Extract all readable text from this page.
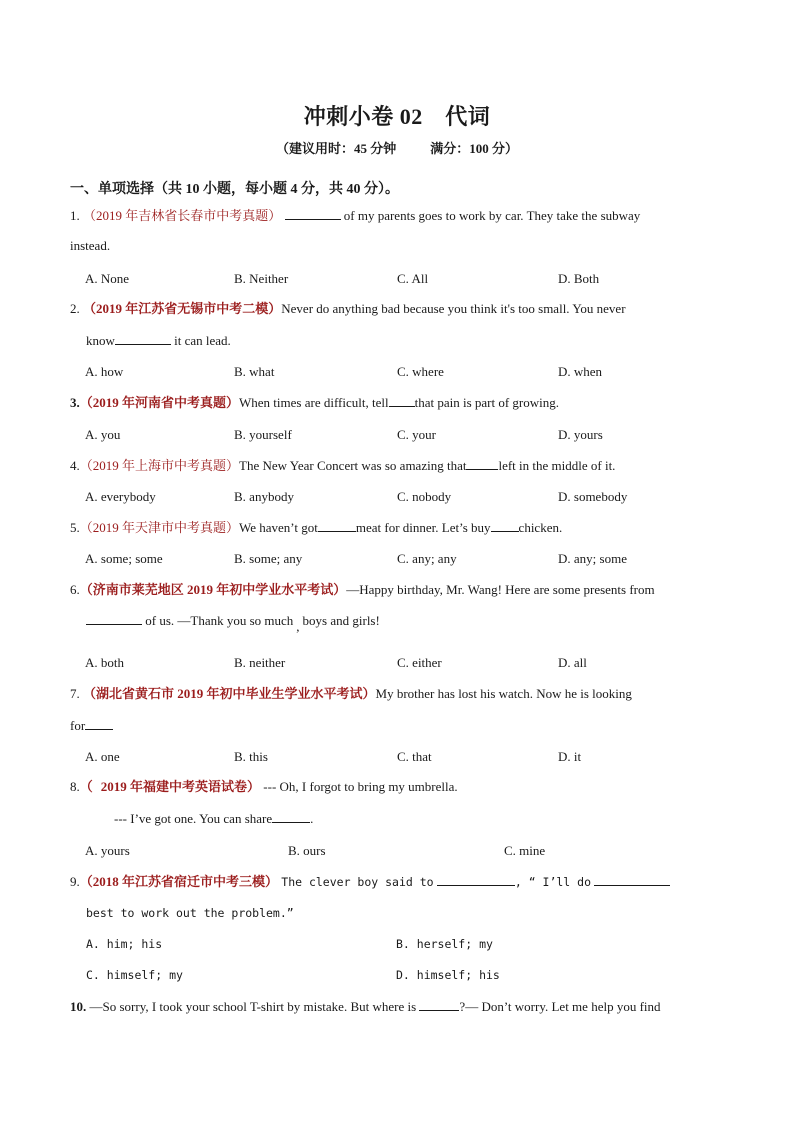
冲刺小卷 02　代词
（建议用时：45 分钟	满分：100 分）
一、单项选择（共 10 小题，每小题 4 分，共 40 分）。
1. （2019 年吉林省长春市中考真题）	of my parents goes to work by car. They take the subway
instead.
A. None	B. Neither	C. All	D. Both
2. （2019 年江苏省无锡市中考二模）Never do anything bad because you think it's too small. You never
know	it can lead.
A. how	B. what	C. where	D. when
3.（2019 年河南省中考真题）When times are difficult, tell that pain is part of growing.
A. you	B. yourself	C. your	D. yours
4.（2019 年上海市中考真题）The New Year Concert was so amazing that left in the middle of it.
A. everybody	B. anybody	C. nobody	D. somebody
5.（2019 年天津市中考真题）We haven’t got	meat for dinner. Let’s buy chicken.
A. some; some	B. some; any	C. any; any	D. any; some
6.（济南市莱芜地区 2019 年初中学业水平考试）—Happy birthday, Mr. Wang! Here are some presents from
of us. —Thank you so much , boys and girls!
A. both	B. neither	C. either	D. all
7. （湖北省黄石市 2019 年初中毕业生学业水平考试）My brother has lost his watch. Now he is looking
for
A. one	B. this	C. that	D. it
8.（ 2019 年福建中考英语试卷） --- Oh, I forgot to bring my umbrella.
--- I’ve got one. You can share	.
A. yours	B. ours	C. mine
9.（2018 年江苏省宿迁市中考三模） The clever boy said to	, “ I’ll do
best to work out the problem.”
A. him; his	B. herself; my
C. himself; my	D. himself; his
10. —So sorry, I took your school T-shirt by mistake. But where is	?— Don’t worry. Let me help you find
